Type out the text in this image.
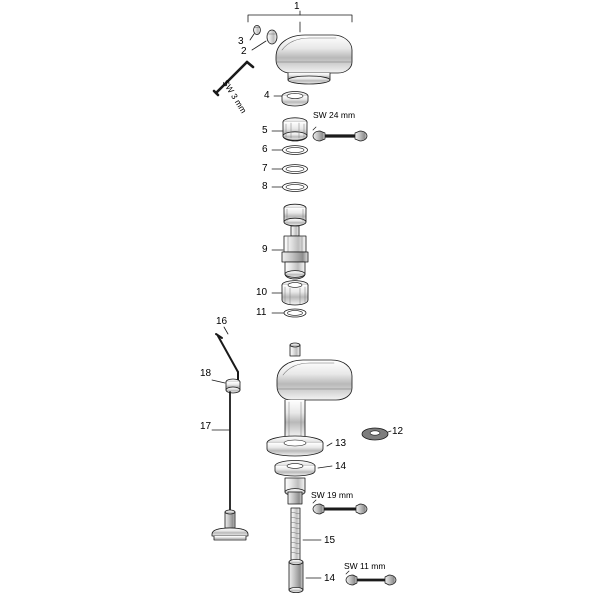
1
2
3
4
5
6
7
8
9
10
11
12
13
14
15
14
16
17
18
SW 24 mm
SW 19 mm
SW 11 mm
SW 3 mm
